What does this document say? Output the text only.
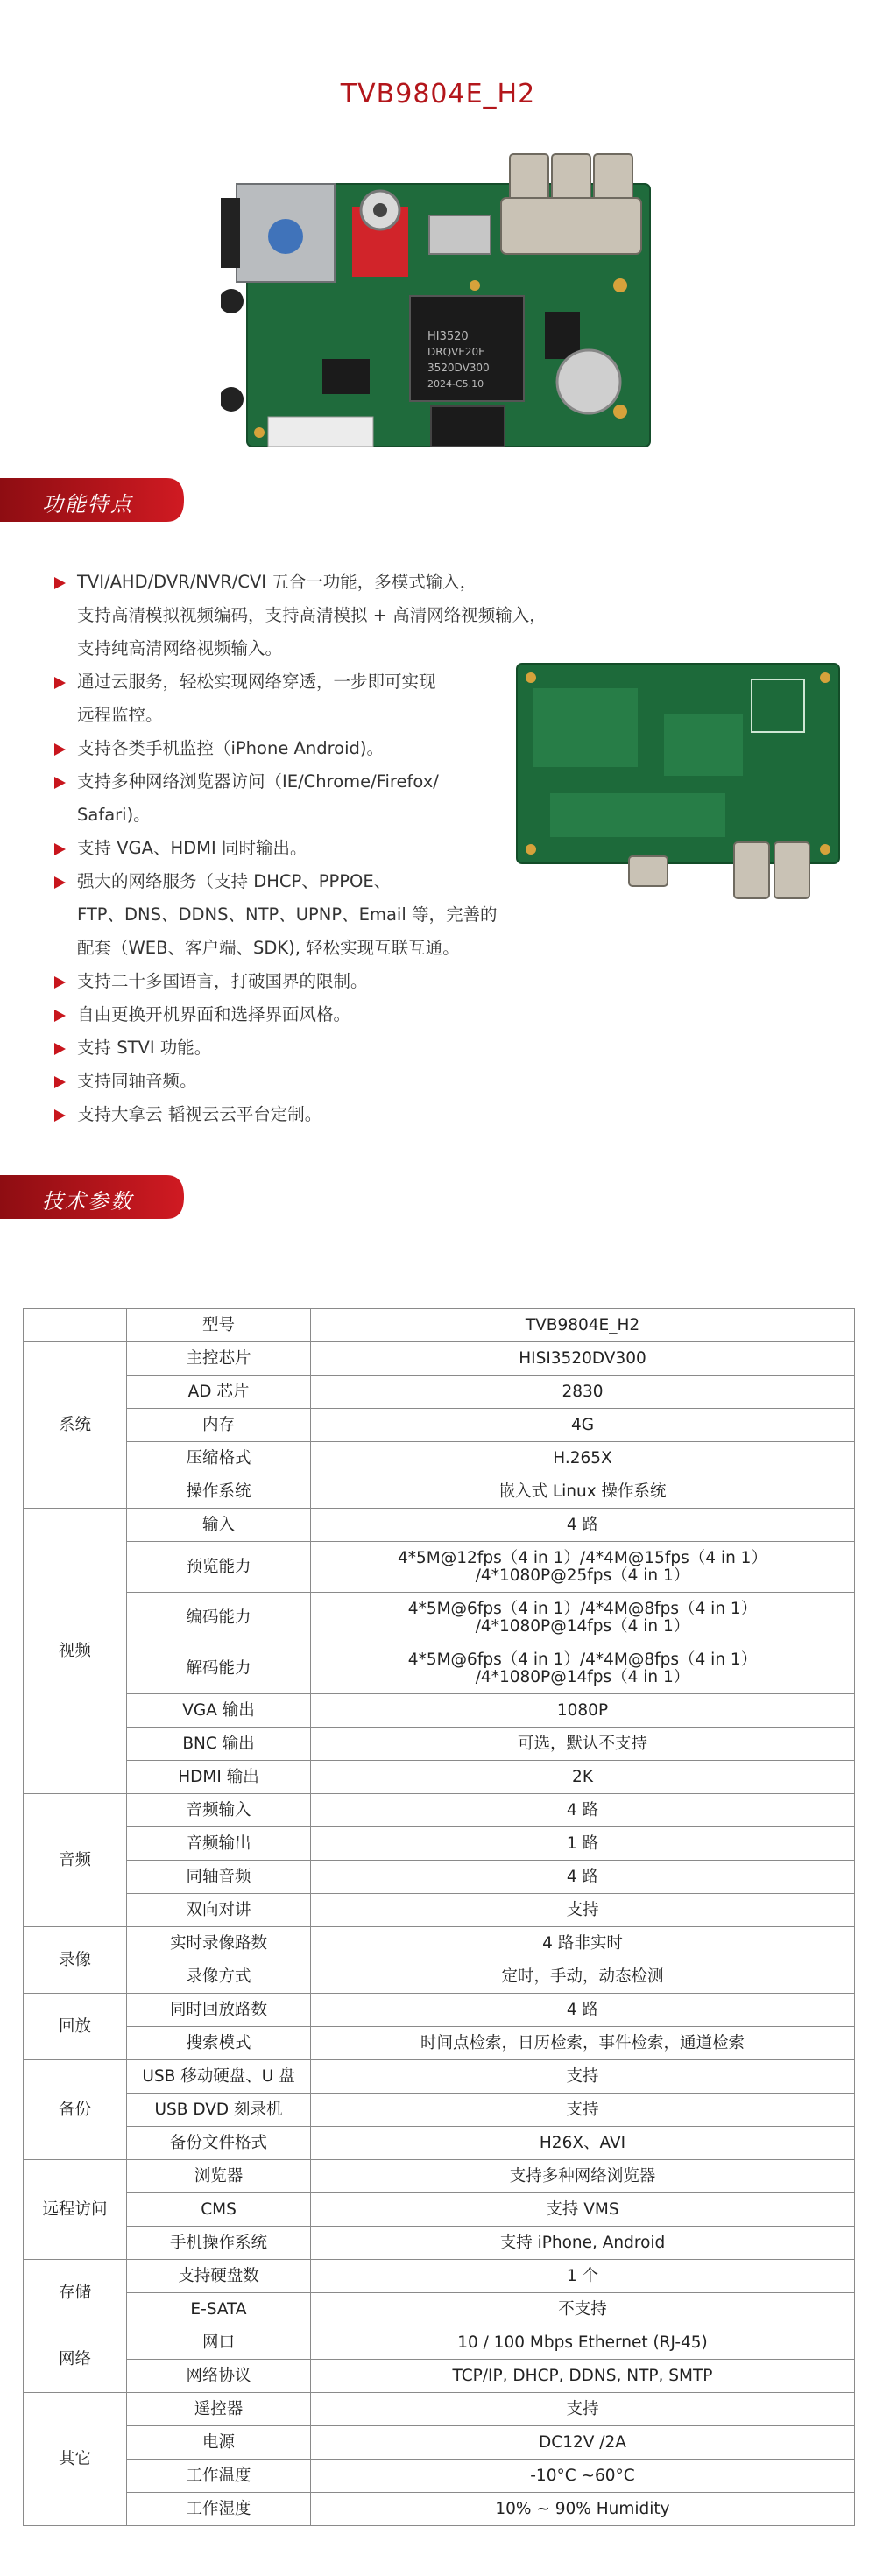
TVB9804E_H2
HI3520
DRQVE20E
3520DV300
2024-C5.10
功能特点
TVI/AHD/DVR/NVR/CVI 五合一功能，多模式输入，
支持高清模拟视频编码，支持高清模拟 + 高清网络视频输入，
支持纯高清网络视频输入。
通过云服务，轻松实现网络穿透，一步即可实现
远程监控。
支持各类手机监控（iPhone Android)。
支持多种网络浏览器访问（IE/Chrome/Firefox/
Safari)。
支持 VGA、HDMI 同时输出。
强大的网络服务（支持 DHCP、PPPOE、
FTP、DNS、DDNS、NTP、UPNP、Email 等，完善的
配套（WEB、客户端、SDK), 轻松实现互联互通。
支持二十多国语言，打破国界的限制。
自由更换开机界面和选择界面风格。
支持 STVI 功能。
支持同轴音频。
支持大拿云 韬视云云平台定制。
技术参数
	型号	TVB9804E_H2
系统	主控芯片	HISI3520DV300

	AD 芯片	2830

	内存	4G

	压缩格式	H.265X

	操作系统	嵌入式 Linux 操作系统

视频	输入	4 路

	预览能力	4*5M@12fps（4 in 1）/4*4M@15fps（4 in 1）
/4*1080P@25fps（4 in 1）

	编码能力	4*5M@6fps（4 in 1）/4*4M@8fps（4 in 1）
/4*1080P@14fps（4 in 1）

	解码能力	4*5M@6fps（4 in 1）/4*4M@8fps（4 in 1）
/4*1080P@14fps（4 in 1）

	VGA 输出	1080P

	BNC 输出	可选，默认不支持

	HDMI 输出	2K

音频	音频输入	4 路

	音频输出	1 路

	同轴音频	4 路

	双向对讲	支持

录像	实时录像路数	4 路非实时

	录像方式	定时，手动，动态检测

回放	同时回放路数	4 路

	搜索模式	时间点检索，日历检索，事件检索，通道检索

备份	USB 移动硬盘、U 盘	支持

	USB DVD 刻录机	支持

	备份文件格式	H26X、AVI

远程访问	浏览器	支持多种网络浏览器

	CMS	支持 VMS

	手机操作系统	支持 iPhone, Android

存储	支持硬盘数	1 个

	E-SATA	不支持

网络	网口	10 / 100 Mbps Ethernet (RJ-45)

	网络协议	TCP/IP, DHCP, DDNS, NTP, SMTP

其它	遥控器	支持

	电源	DC12V /2A

	工作温度	-10°C ~60°C

	工作湿度	10% ~ 90% Humidity
